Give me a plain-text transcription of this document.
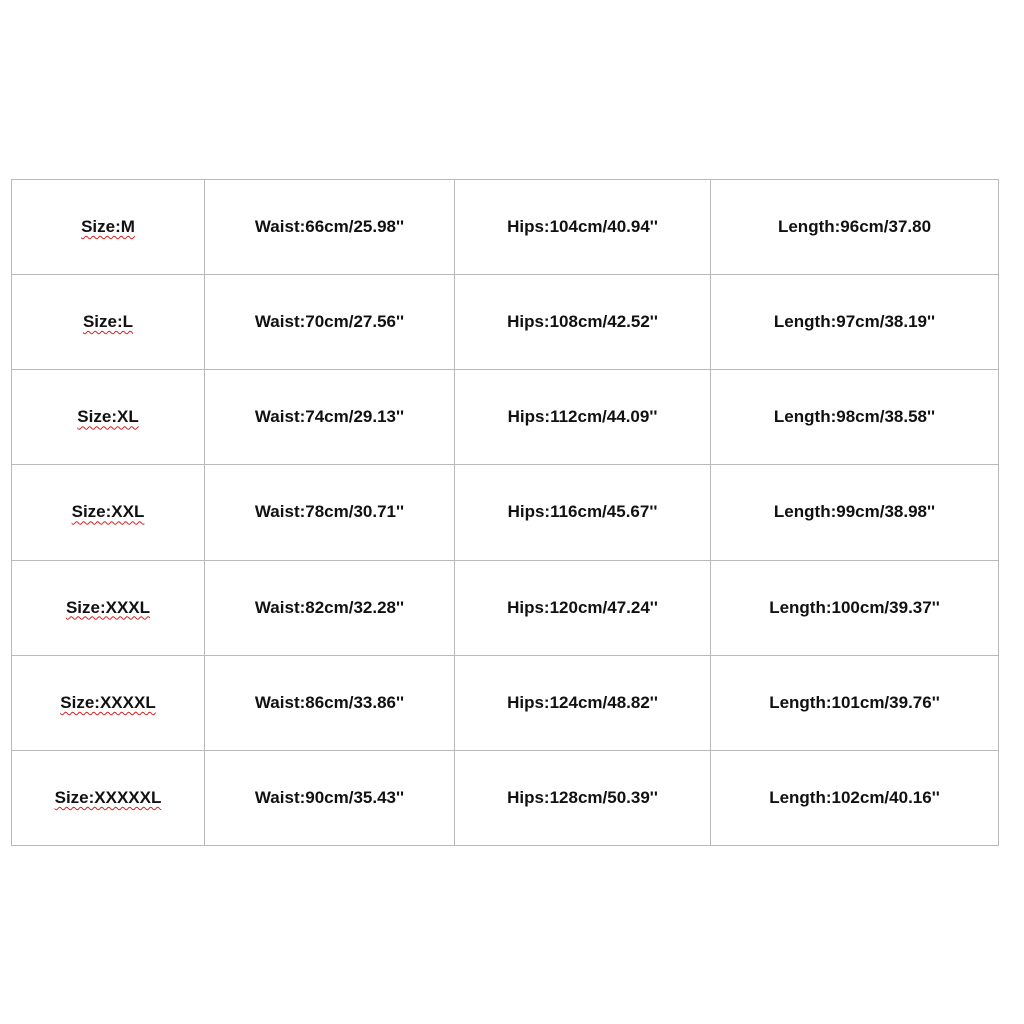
Size:M	Waist:66cm/25.98''	Hips:104cm/40.94''	Length:96cm/37.80
Size:L	Waist:70cm/27.56''	Hips:108cm/42.52''	Length:97cm/38.19''
Size:XL	Waist:74cm/29.13''	Hips:112cm/44.09''	Length:98cm/38.58''
Size:XXL	Waist:78cm/30.71''	Hips:116cm/45.67''	Length:99cm/38.98''
Size:XXXL	Waist:82cm/32.28''	Hips:120cm/47.24''	Length:100cm/39.37''
Size:XXXXL	Waist:86cm/33.86''	Hips:124cm/48.82''	Length:101cm/39.76''
Size:XXXXXL	Waist:90cm/35.43''	Hips:128cm/50.39''	Length:102cm/40.16''
